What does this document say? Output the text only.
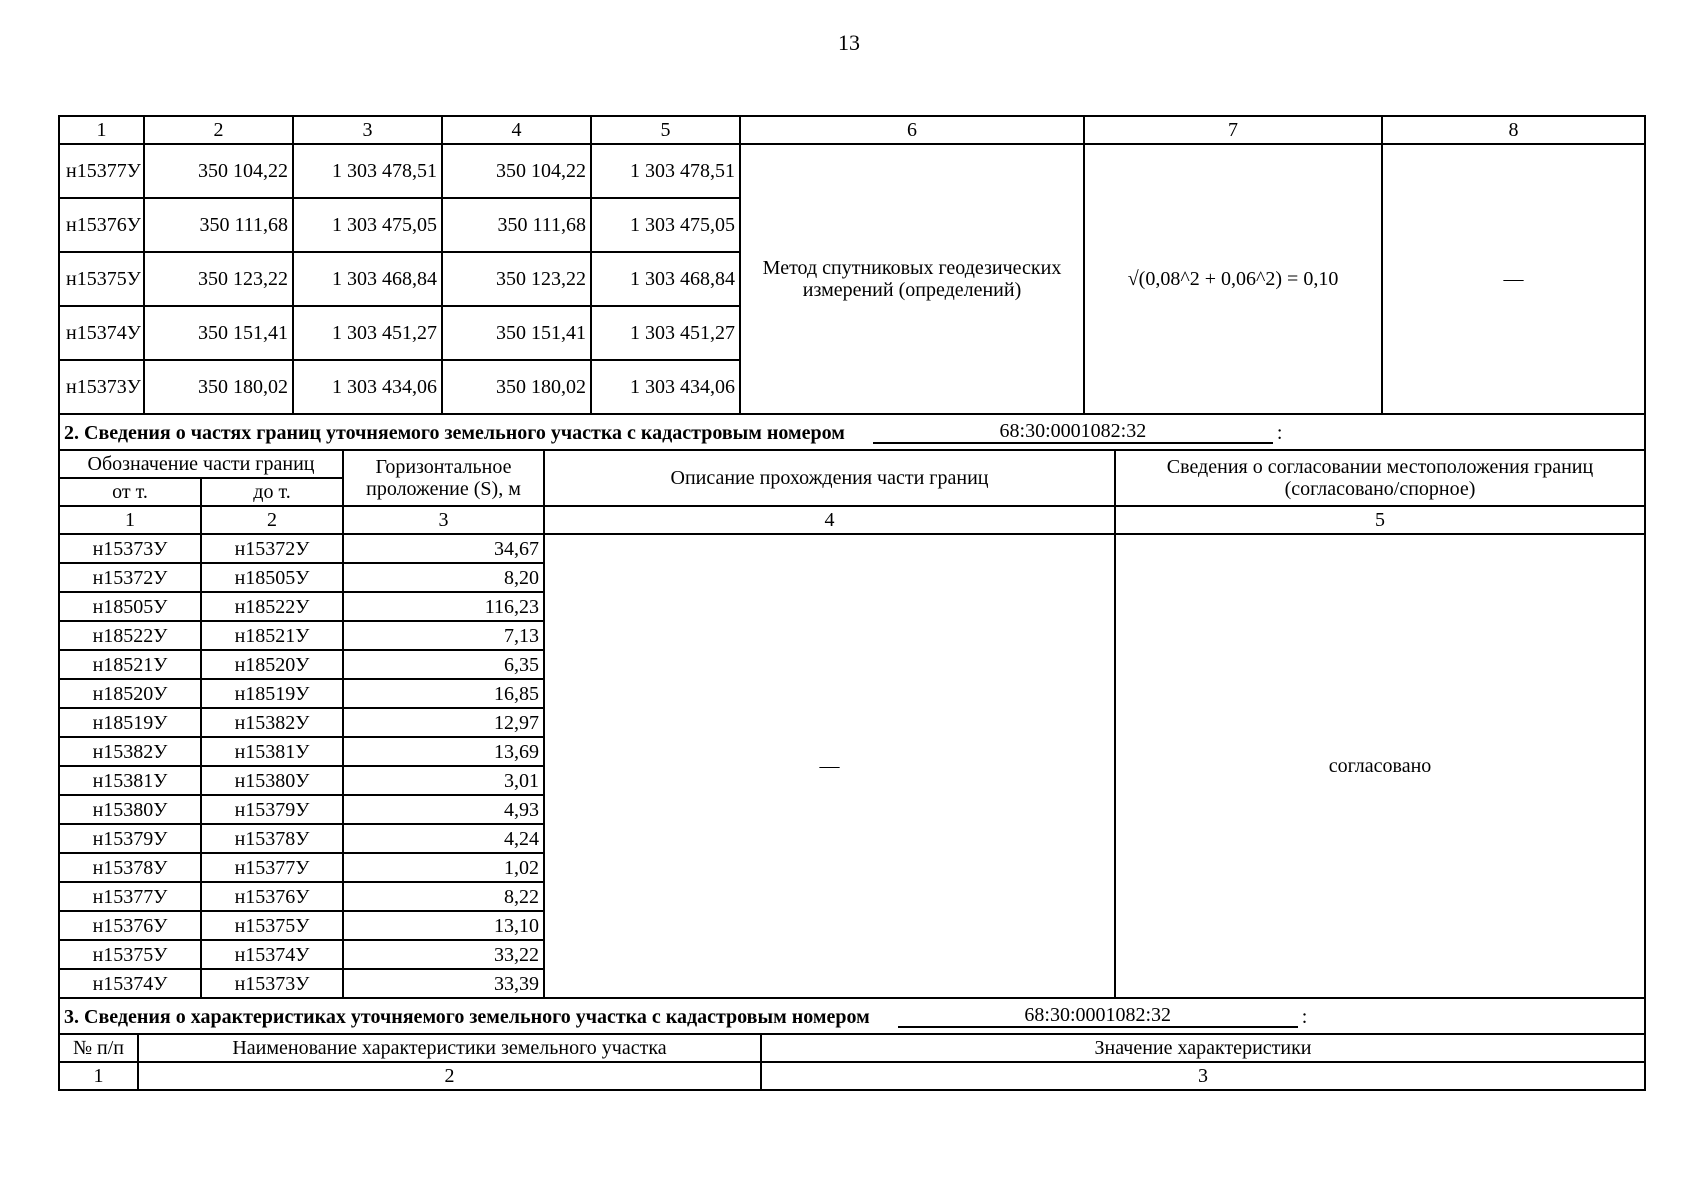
13
1	2	3	4	5	6	7	8
н15377У	350 104,22	1 303 478,51	350 104,22	1 303 478,51	Метод спутниковых геодезических измерений (определений)	√(0,08^2 + 0,06^2) = 0,10	—
н15376У	350 111,68	1 303 475,05	350 111,68	1 303 475,05			
н15375У	350 123,22	1 303 468,84	350 123,22	1 303 468,84			
н15374У	350 151,41	1 303 451,27	350 151,41	1 303 451,27			
н15373У	350 180,02	1 303 434,06	350 180,02	1 303 434,06			
2. Сведения о частях границ уточняемого земельного участка с кадастровым номером 68:30:0001082:32 :				

Обозначение части границ		Горизонтальное проложение (S), м	Описание прохождения части границ	Сведения о согласовании местоположения границ (согласовано/спорное)
от т.	до т.			
1	2	3	4	5
н15373У	н15372У	34,67	—	согласовано
н15372У	н18505У	8,20		
н18505У	н18522У	116,23		
н18522У	н18521У	7,13		
н18521У	н18520У	6,35		
н18520У	н18519У	16,85		
н18519У	н15382У	12,97		
н15382У	н15381У	13,69		
н15381У	н15380У	3,01		
н15380У	н15379У	4,93		
н15379У	н15378У	4,24		
н15378У	н15377У	1,02		
н15377У	н15376У	8,22		
н15376У	н15375У	13,10		
н15375У	н15374У	33,22		
н15374У	н15373У	33,39		
3. Сведения о характеристиках уточняемого земельного участка с кадастровым номером 68:30:0001082:32 :		

№ п/п	Наименование характеристики земельного участка	Значение характеристики
1	2	3
